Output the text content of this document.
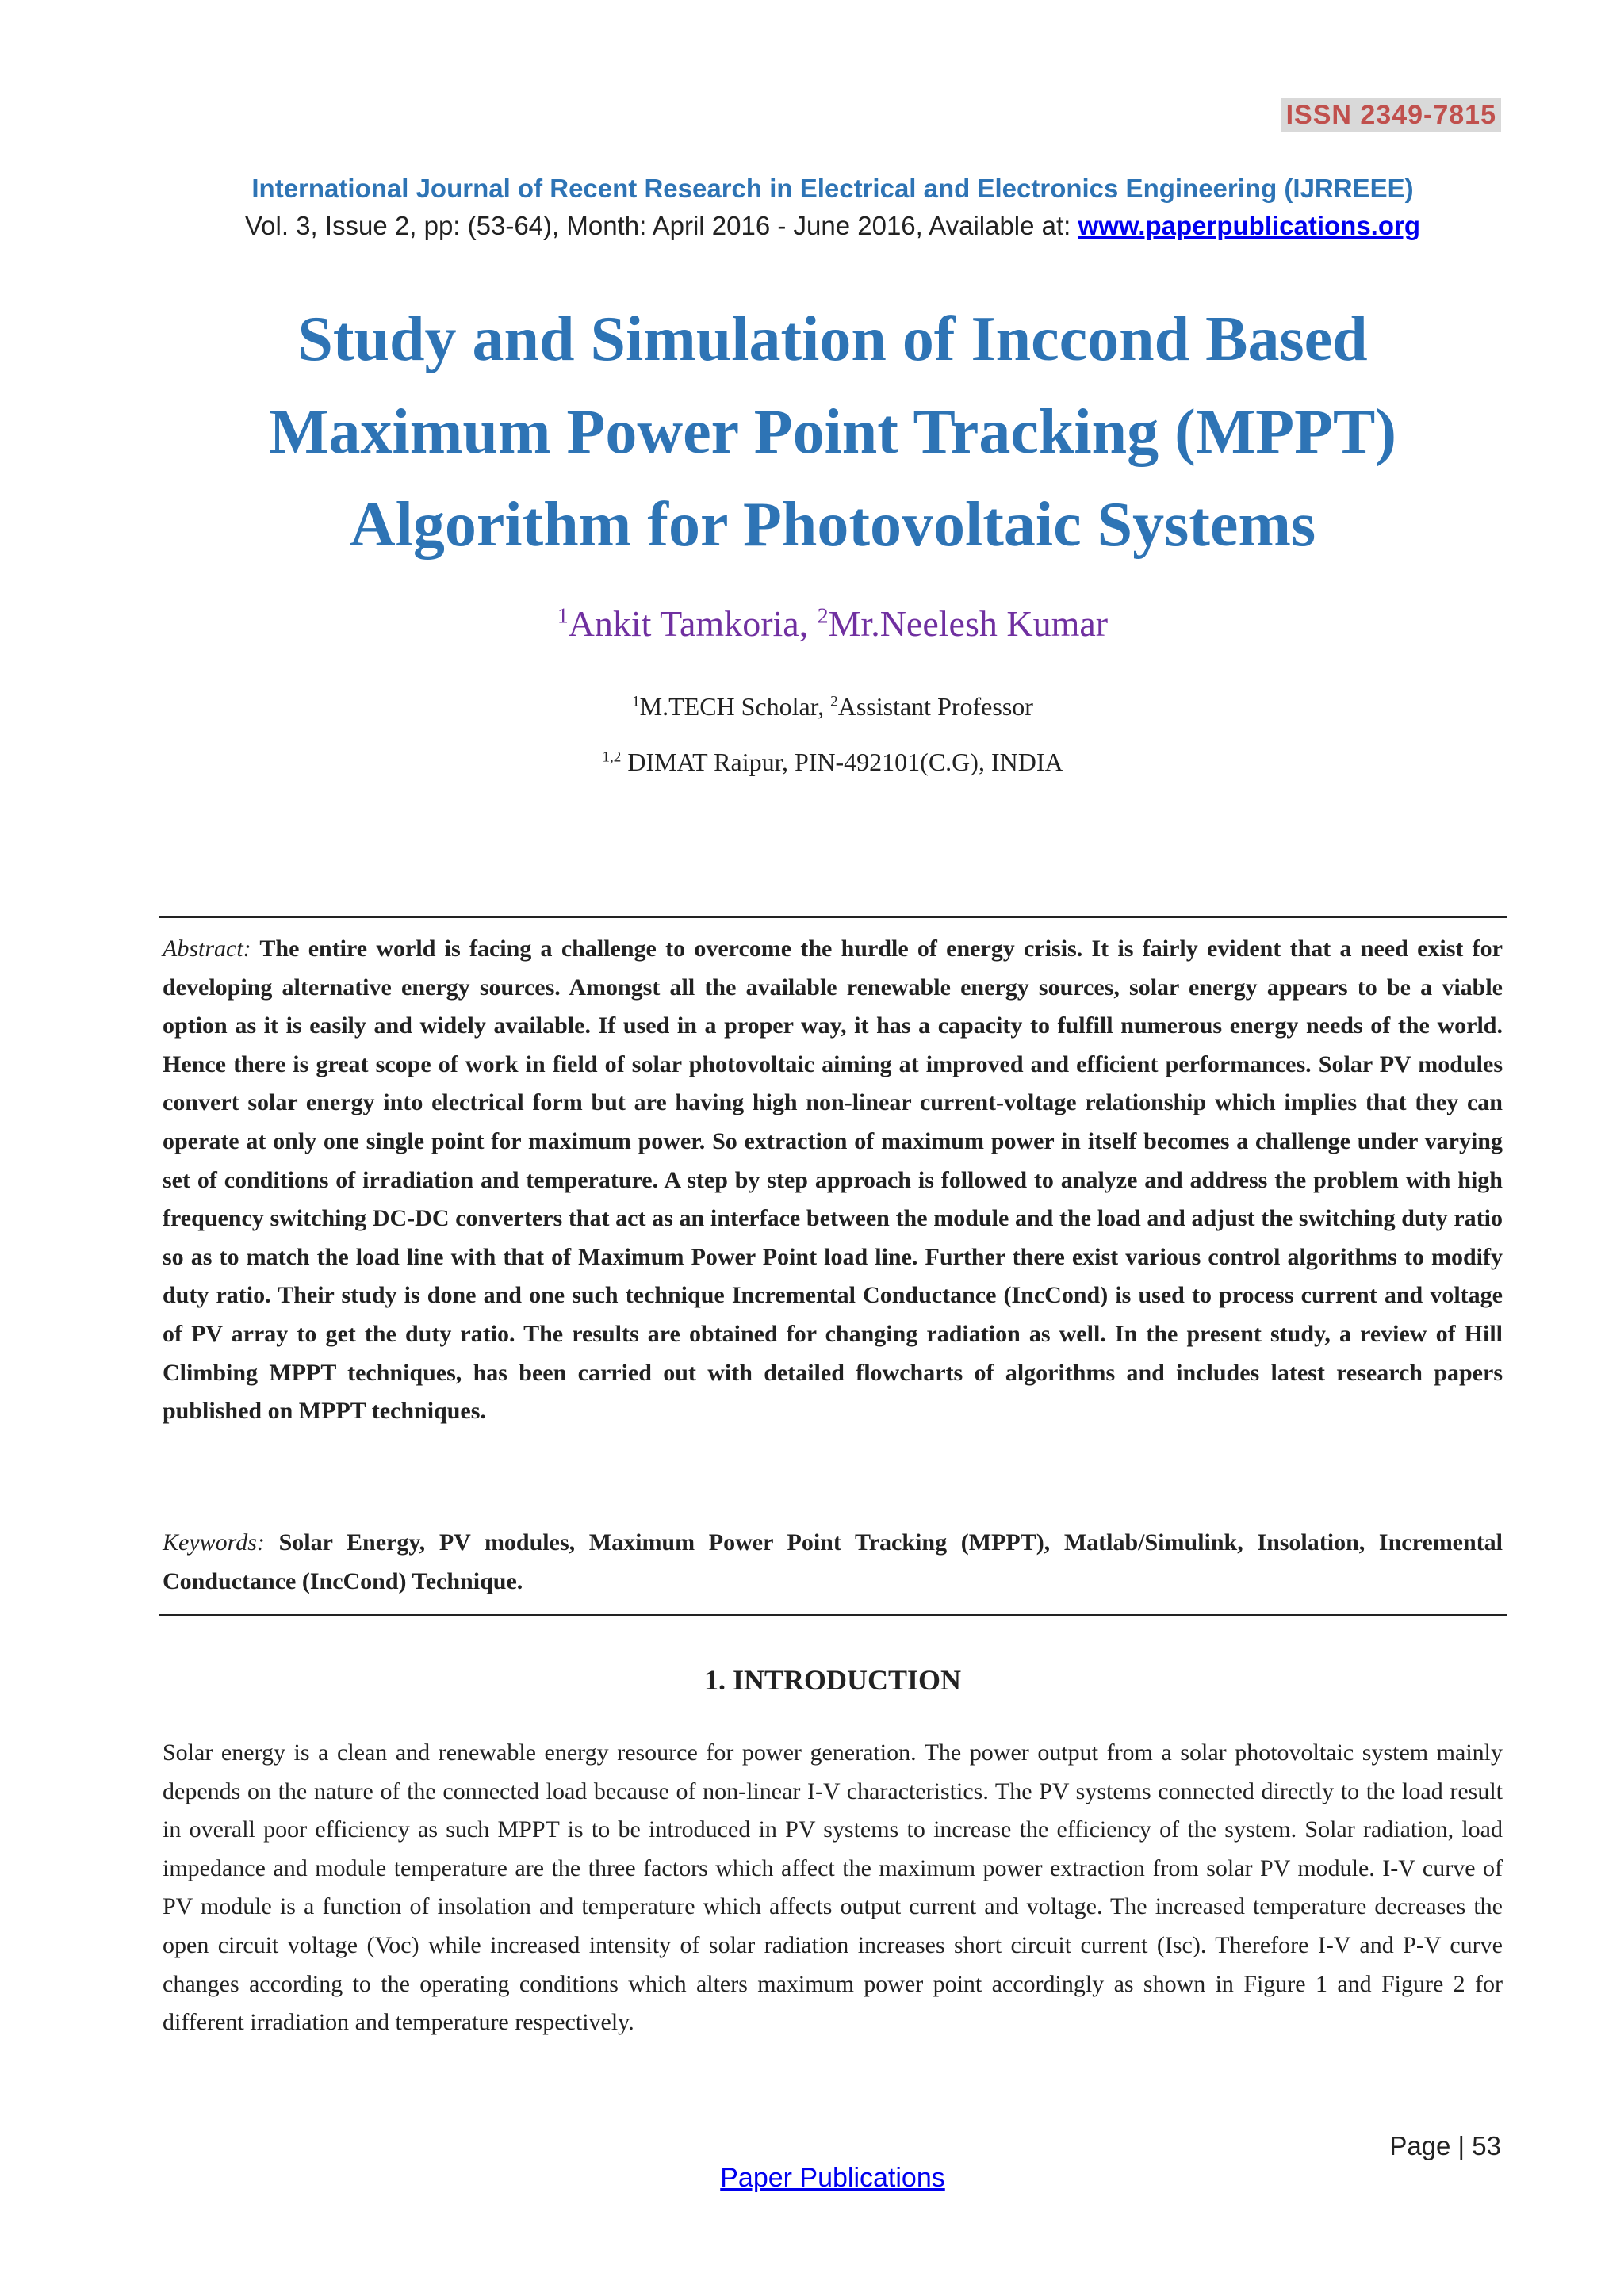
ISSN 2349-7815
International Journal of Recent Research in Electrical and Electronics Engineering (IJRREEE)
Vol. 3, Issue 2, pp: (53-64), Month: April 2016 - June 2016, Available at: www.paperpublications.org
Study and Simulation of Inccond Based
Maximum Power Point Tracking (MPPT)
Algorithm for Photovoltaic Systems
$^1$Ankit Tamkoria, $^2$Mr.Neelesh Kumar
$^1$M.TECH Scholar, $^2$Assistant Professor
$^{1,2}$ DIMAT Raipur, PIN-492101(C.G), INDIA
Abstract: The entire world is facing a challenge to overcome the hurdle of energy crisis. It is fairly evident that a need exist for developing alternative energy sources. Amongst all the available renewable energy sources, solar energy appears to be a viable option as it is easily and widely available. If used in a proper way, it has a capacity to fulfill numerous energy needs of the world. Hence there is great scope of work in field of solar photovoltaic aiming at improved and efficient performances. Solar PV modules convert solar energy into electrical form but are having high non-linear current-voltage relationship which implies that they can operate at only one single point for maximum power. So extraction of maximum power in itself becomes a challenge under varying set of conditions of irradiation and temperature. A step by step approach is followed to analyze and address the problem with high frequency switching DC-DC converters that act as an interface between the module and the load and adjust the switching duty ratio so as to match the load line with that of Maximum Power Point load line. Further there exist various control algorithms to modify duty ratio. Their study is done and one such technique Incremental Conductance (IncCond) is used to process current and voltage of PV array to get the duty ratio. The results are obtained for changing radiation as well. In the present study, a review of Hill Climbing MPPT techniques, has been carried out with detailed flowcharts of algorithms and includes latest research papers published on MPPT techniques.
Keywords: Solar Energy, PV modules, Maximum Power Point Tracking (MPPT), Matlab/Simulink, Insolation, Incremental Conductance (IncCond) Technique.
1. INTRODUCTION
Solar energy is a clean and renewable energy resource for power generation. The power output from a solar photovoltaic system mainly depends on the nature of the connected load because of non-linear I-V characteristics. The PV systems connected directly to the load result in overall poor efficiency as such MPPT is to be introduced in PV systems to increase the efficiency of the system. Solar radiation, load impedance and module temperature are the three factors which affect the maximum power extraction from solar PV module. I-V curve of PV module is a function of insolation and temperature which affects output current and voltage. The increased temperature decreases the open circuit voltage (Voc) while increased intensity of solar radiation increases short circuit current (Isc). Therefore I-V and P-V curve changes according to the operating conditions which alters maximum power point accordingly as shown in Figure 1 and Figure 2 for different irradiation and temperature respectively.
Page | 53
Paper Publications
